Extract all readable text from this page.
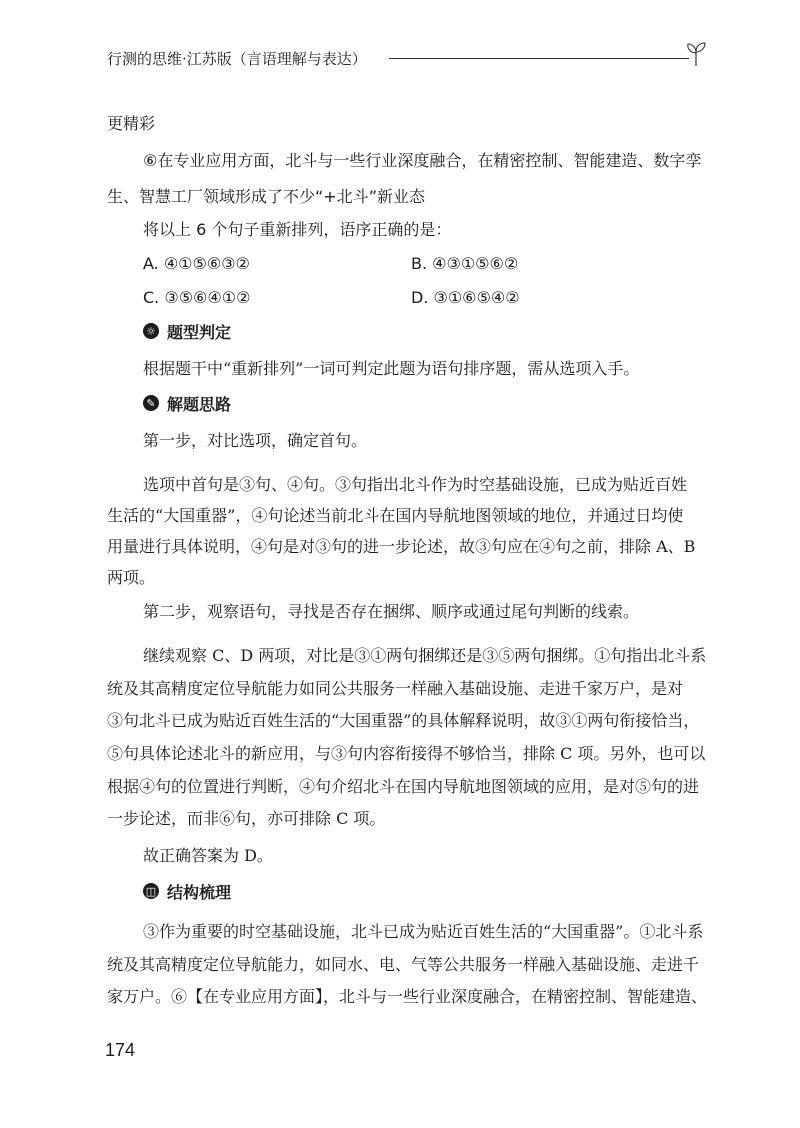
行测的思维·江苏版（言语理解与表达）
更精彩
⑥在专业应用方面，北斗与一些行业深度融合，在精密控制、智能建造、数字孪
生、智慧工厂领域形成了不少“+北斗”新业态
将以上 6 个句子重新排列，语序正确的是：
A. ④①⑤⑥③②	B. ④③①⑤⑥②
C. ③⑤⑥④①②	D. ③①⑥⑤④②
☼ 题型判定
根据题干中“重新排列”一词可判定此题为语句排序题，需从选项入手。
✎ 解题思路
第一步，对比选项，确定首句。
选项中首句是③句、④句。③句指出北斗作为时空基础设施，已成为贴近百姓
生活的“大国重器”，④句论述当前北斗在国内导航地图领域的地位，并通过日均使
用量进行具体说明，④句是对③句的进一步论述，故③句应在④句之前，排除 A、B
两项。
第二步，观察语句，寻找是否存在捆绑、顺序或通过尾句判断的线索。
继续观察 C、D 两项，对比是③①两句捆绑还是③⑤两句捆绑。①句指出北斗系
统及其高精度定位导航能力如同公共服务一样融入基础设施、走进千家万户，是对
③句北斗已成为贴近百姓生活的“大国重器”的具体解释说明，故③①两句衔接恰当，
⑤句具体论述北斗的新应用，与③句内容衔接得不够恰当，排除 C 项。另外，也可以
根据④句的位置进行判断，④句介绍北斗在国内导航地图领域的应用，是对⑤句的进
一步论述，而非⑥句，亦可排除 C 项。
故正确答案为 D。
◫ 结构梳理
③作为重要的时空基础设施，北斗已成为贴近百姓生活的“大国重器”。①北斗系
统及其高精度定位导航能力，如同水、电、气等公共服务一样融入基础设施、走进千
家万户。⑥【在专业应用方面】，北斗与一些行业深度融合，在精密控制、智能建造、
174
